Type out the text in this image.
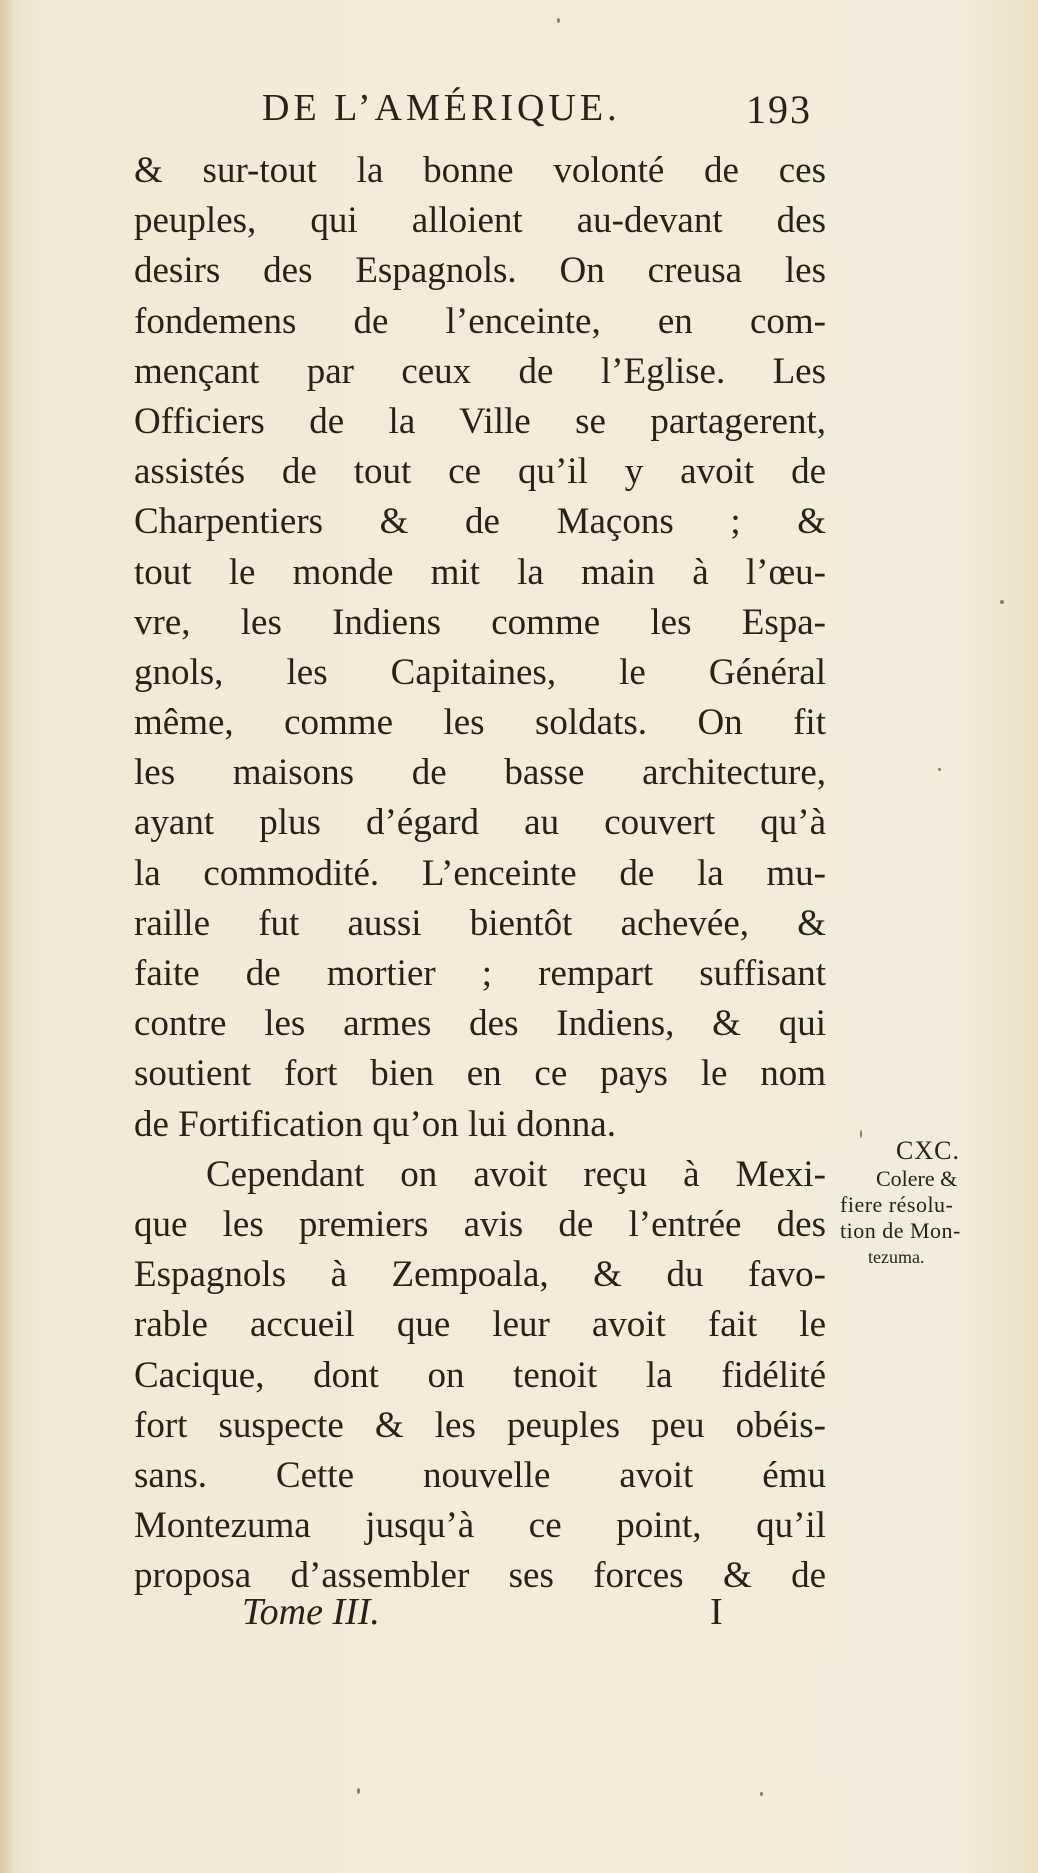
DE L’AMÉRIQUE.	193
& sur-tout la bonne volonté de ces
peuples, qui alloient au-devant des
desirs des Espagnols. On creusa les
fondemens de l’enceinte, en com-
mençant par ceux de l’Eglise. Les
Officiers de la Ville se partagerent,
assistés de tout ce qu’il y avoit de
Charpentiers & de Maçons ; &
tout le monde mit la main à l’œu-
vre, les Indiens comme les Espa-
gnols, les Capitaines, le Général
même, comme les soldats. On fit
les maisons de basse architecture,
ayant plus d’égard au couvert qu’à
la commodité. L’enceinte de la mu-
raille fut aussi bientôt achevée, &
faite de mortier ; rempart suffisant
contre les armes des Indiens, & qui
soutient fort bien en ce pays le nom
de Fortification qu’on lui donna.
Cependant on avoit reçu à Mexi-
que les premiers avis de l’entrée des
Espagnols à Zempoala, & du favo-
rable accueil que leur avoit fait le
Cacique, dont on tenoit la fidélité
fort suspecte & les peuples peu obéis-
sans. Cette nouvelle avoit ému
Montezuma jusqu’à ce point, qu’il
proposa d’assembler ses forces & de
CXC.
Colere &
fiere résolu-
tion de Mon-
tezuma.
Tome III.	I
